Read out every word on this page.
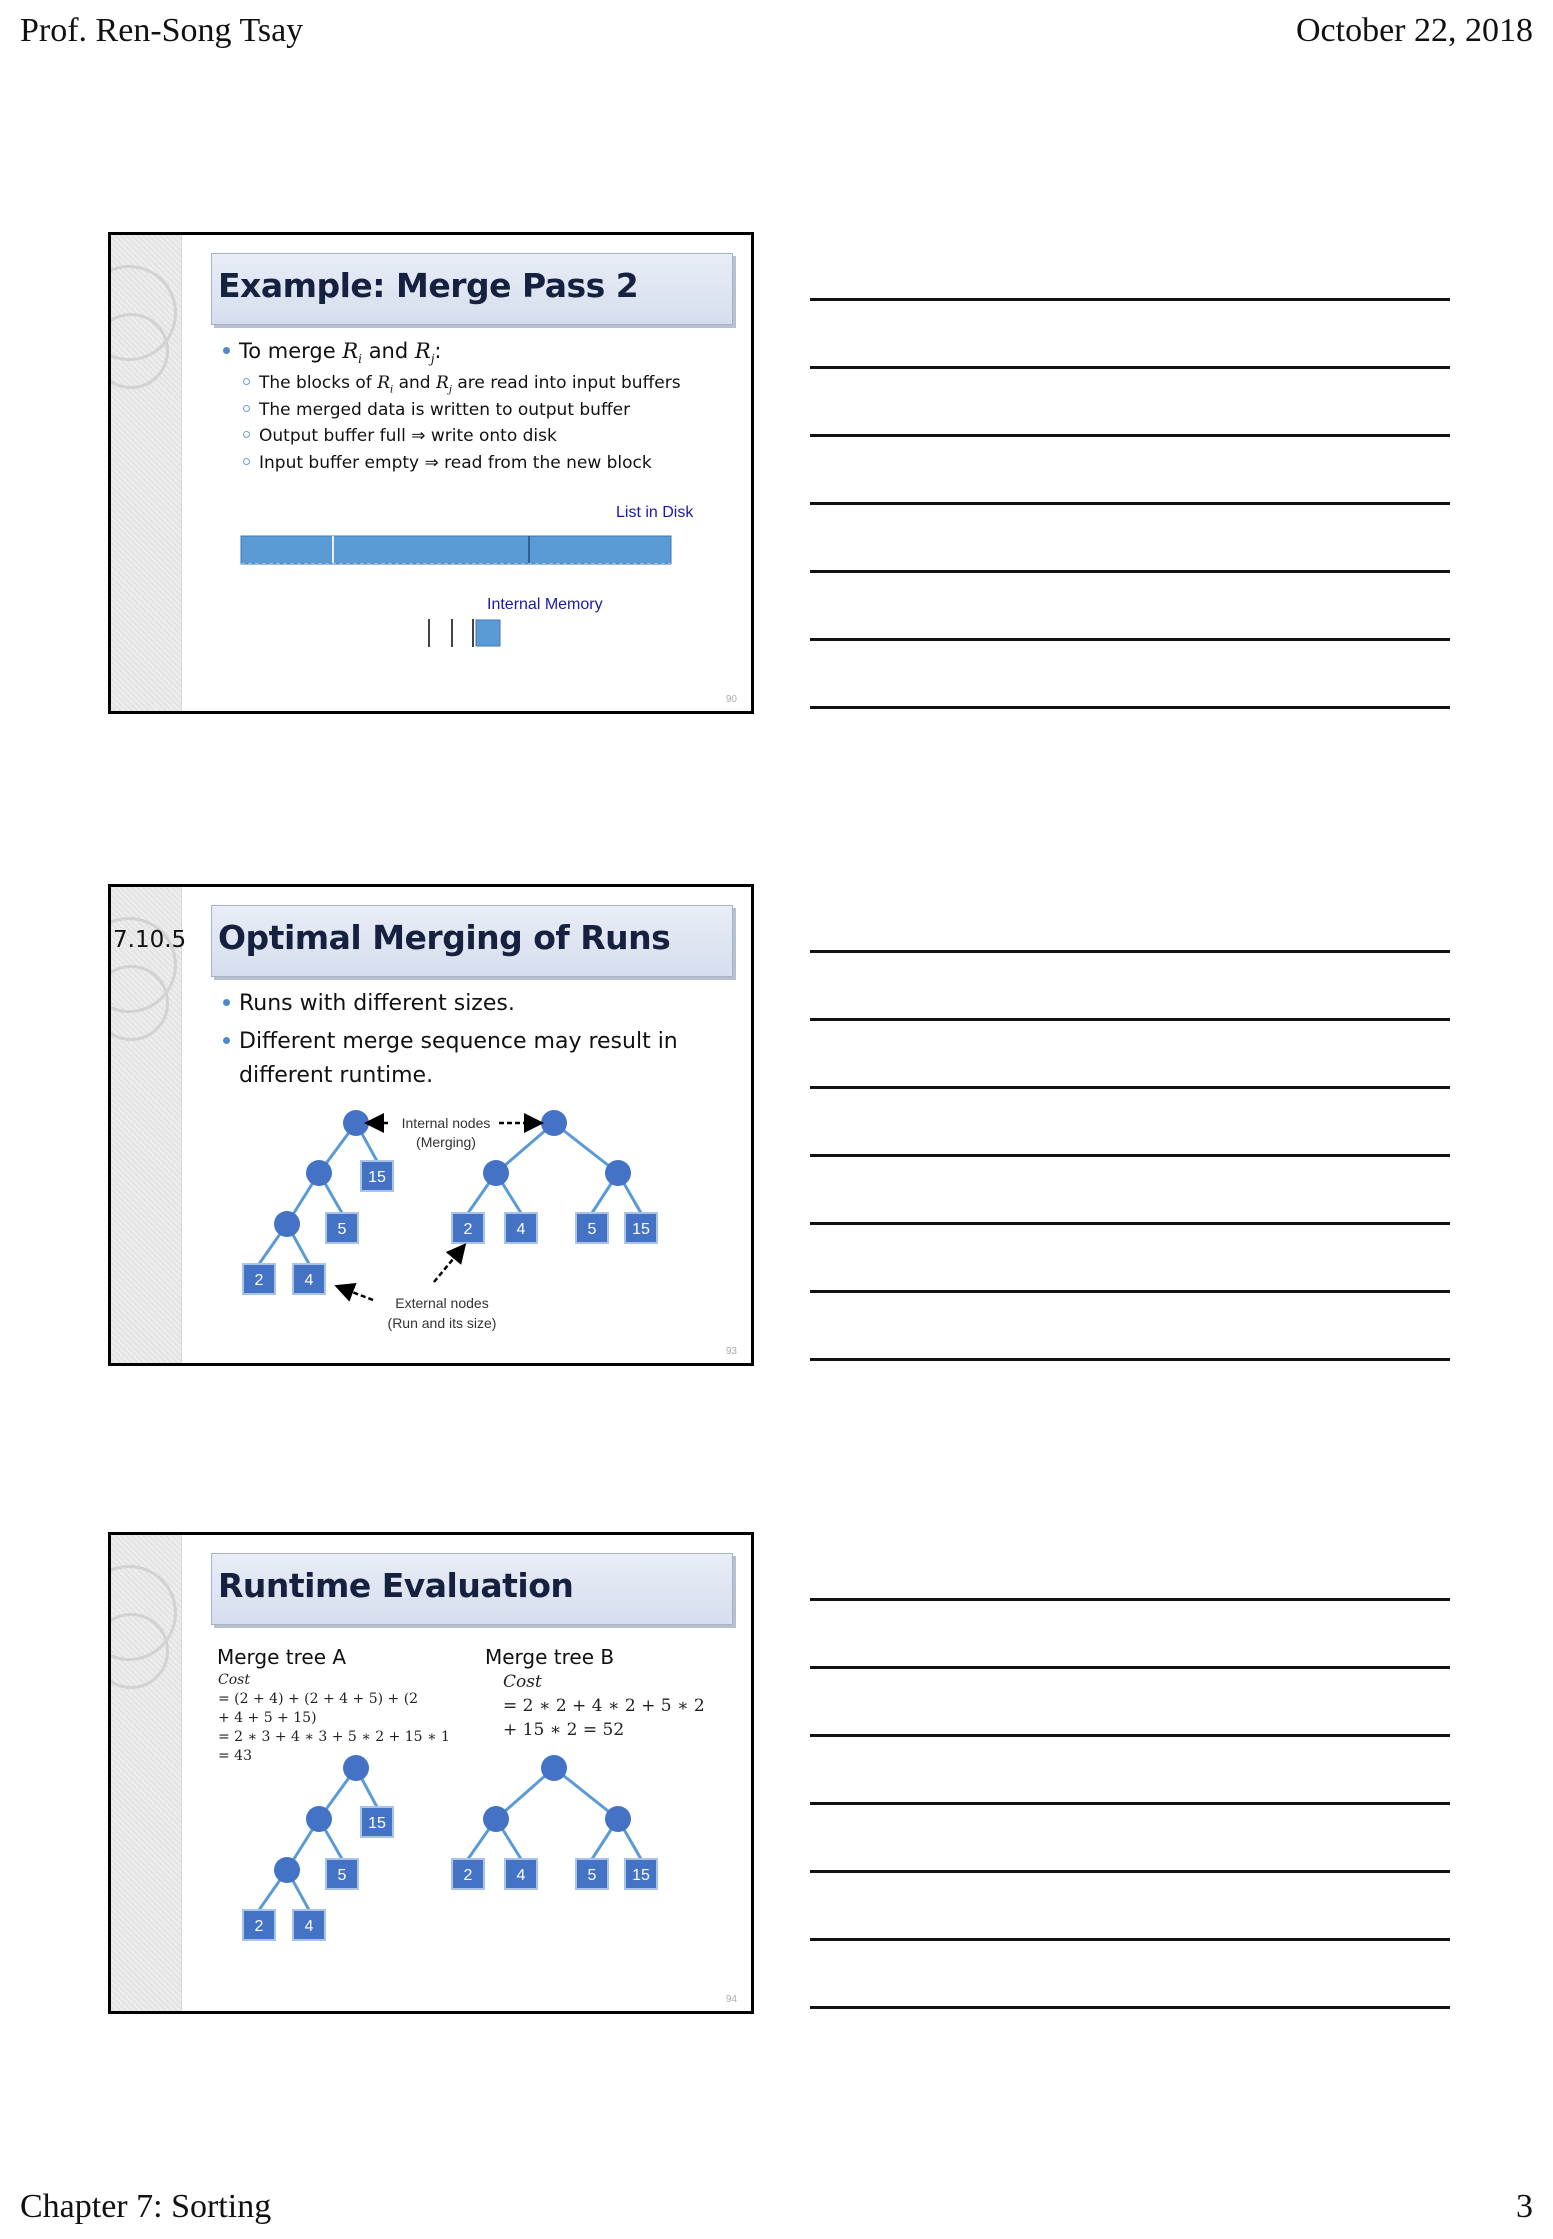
Prof. Ren-Song Tsay	October 22, 2018
Example: Merge Pass 2
To merge $R_i$ and $R_j$:
The blocks of $R_i$ and $R_j$ are read into input buffers
The merged data is written to output buffer
Output buffer full ⇒ write onto disk
Input buffer empty ⇒ read from the new block
List in Disk
Internal Memory
90
7.10.5 Optimal Merging of Runs
Runs with different sizes.
Different merge sequence may result in
different runtime.
15
5
2	4
2	4	5 15
Internal nodes
(Merging)
External nodes
(Run and its size)
93
Runtime Evaluation
Merge tree A	Merge tree B
Cost
= (2 + 4) + (2 + 4 + 5) + (2
+ 4 + 5 + 15)
= 2 ∗ 3 + 4 ∗ 3 + 5 ∗ 2 + 15 ∗ 1
= 43
Cost
= 2 ∗ 2 + 4 ∗ 2 + 5 ∗ 2
+ 15 ∗ 2 = 52
15
5
2	4
2	4	5 15
94
Chapter 7: Sorting	3
